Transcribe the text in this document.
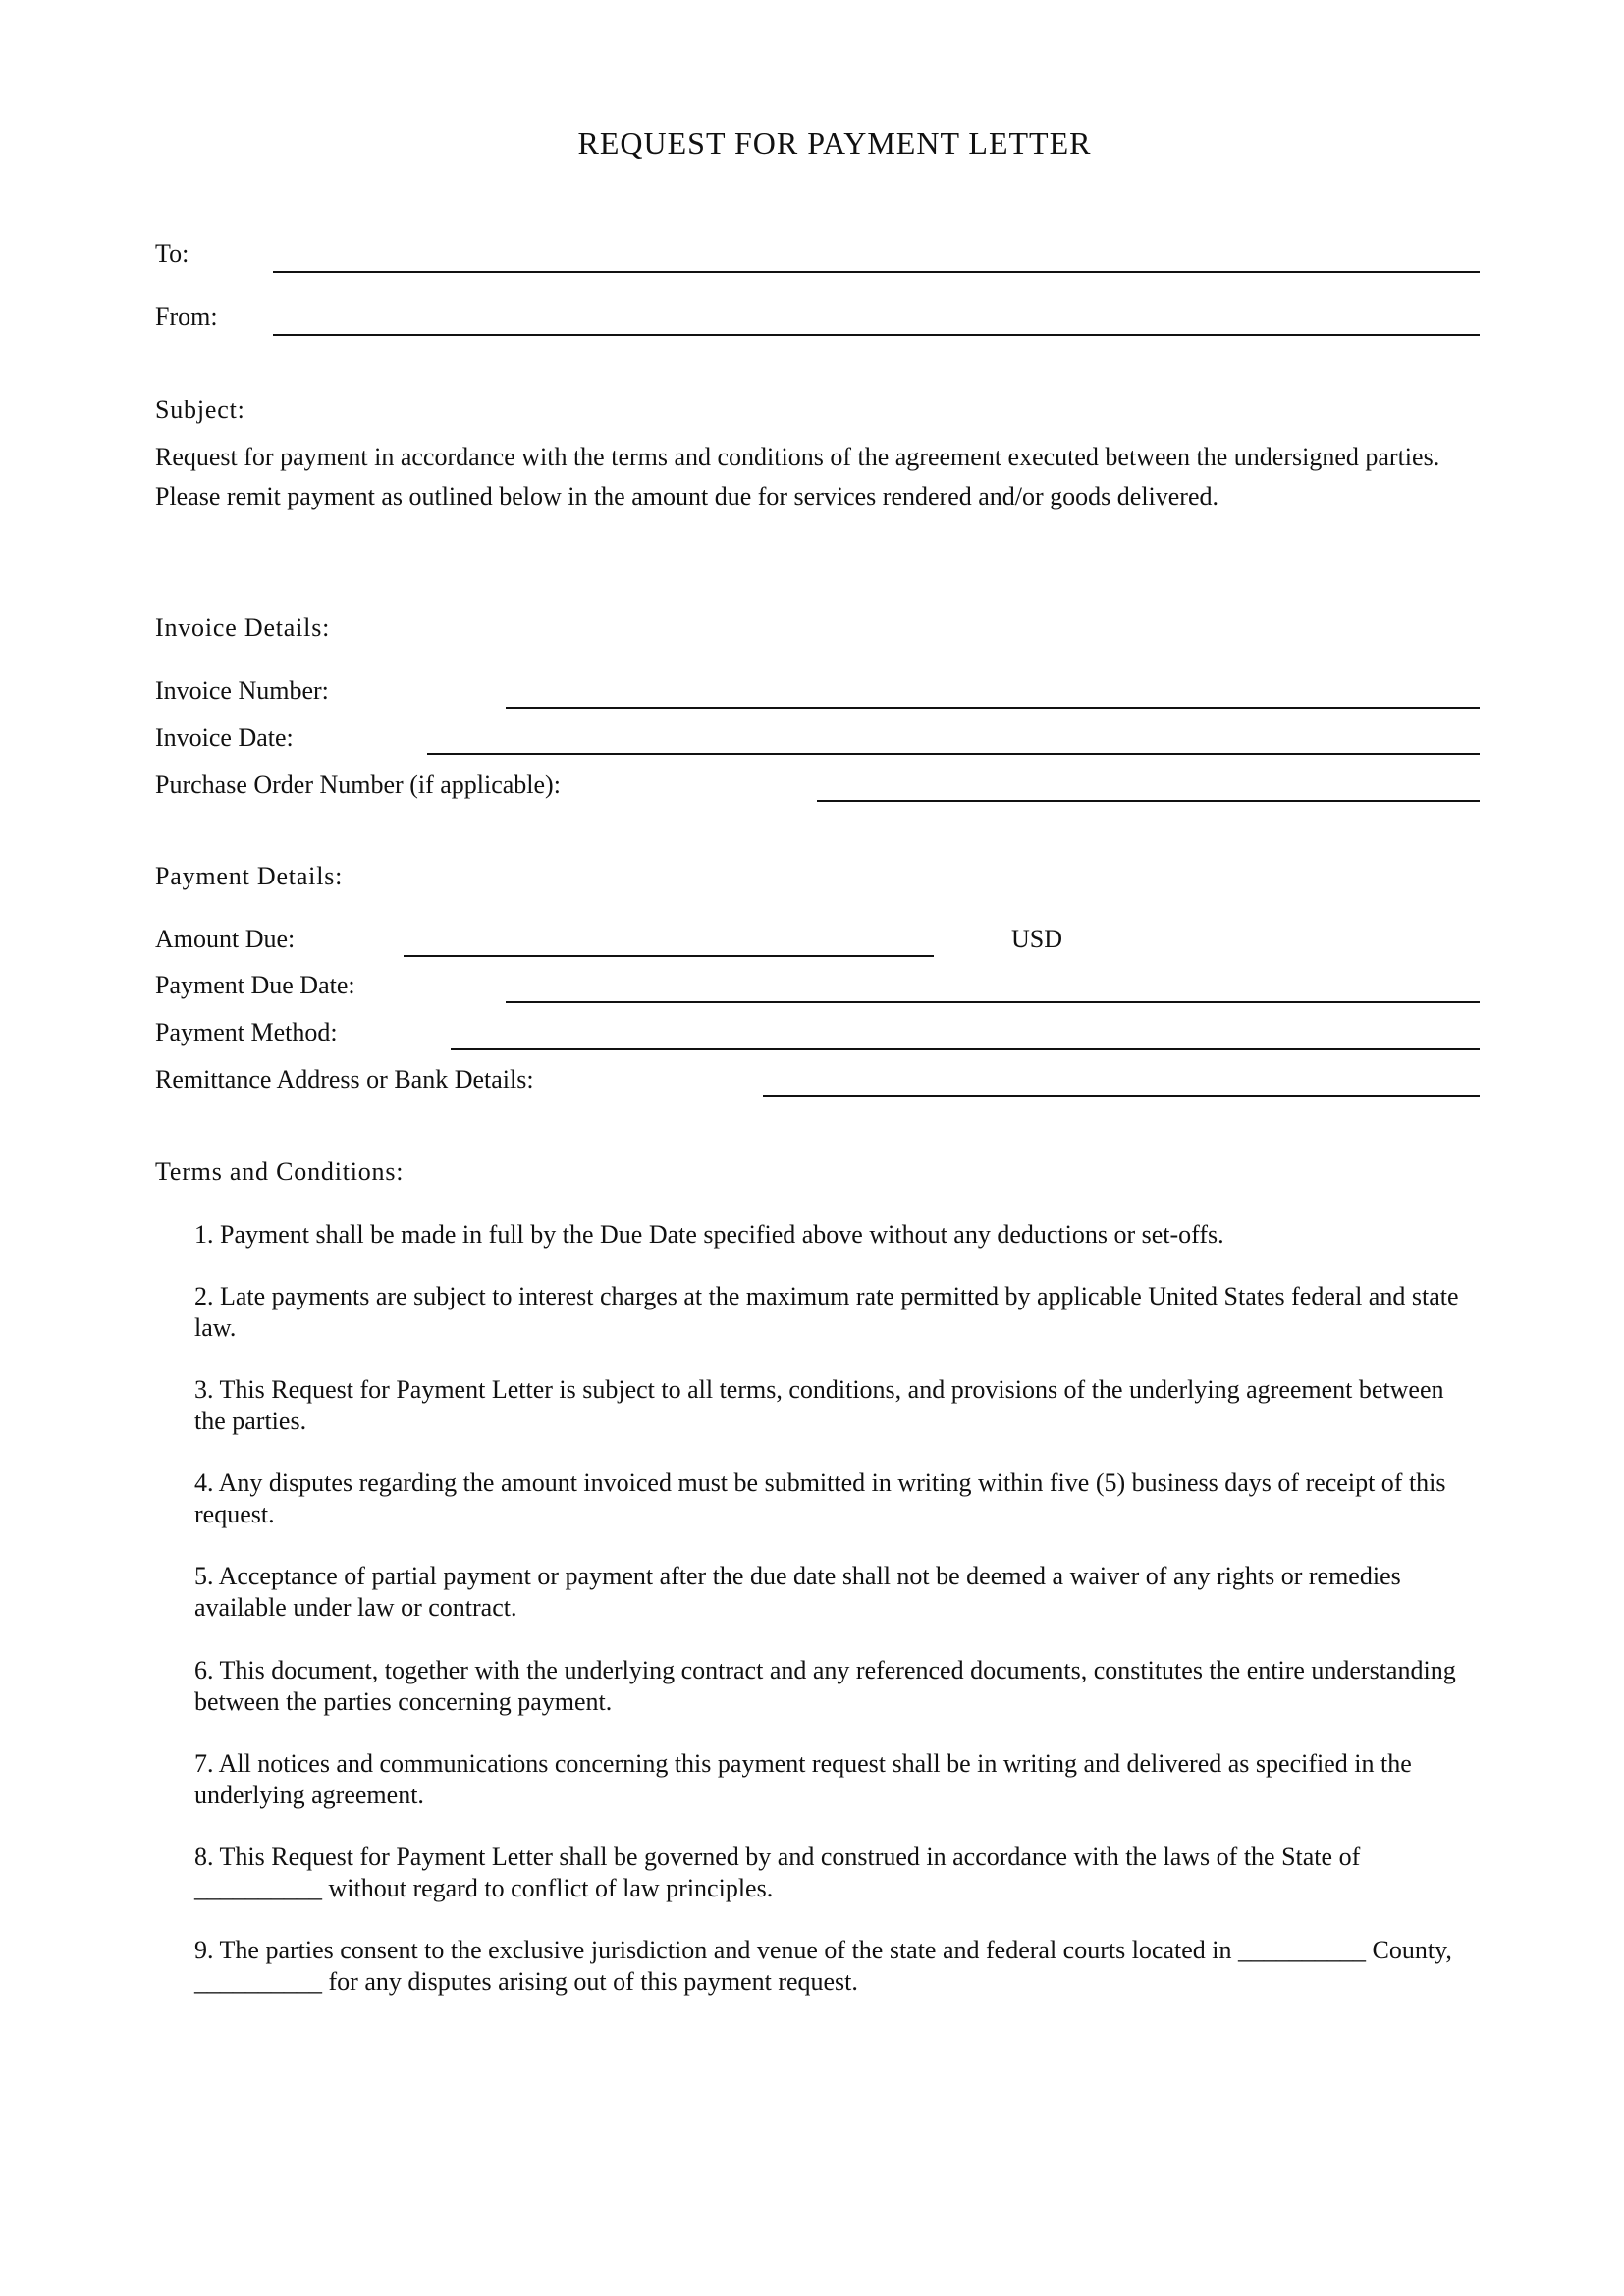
REQUEST FOR PAYMENT LETTER
To:
From:
Subject:
Request for payment in accordance with the terms and conditions of the agreement executed between the undersigned parties. Please remit payment as outlined below in the amount due for services rendered and/or goods delivered.
Invoice Details:
Invoice Number:
Invoice Date:
Purchase Order Number (if applicable):
Payment Details:
Amount Due:	USD
Payment Due Date:
Payment Method:
Remittance Address or Bank Details:
Terms and Conditions:
1. Payment shall be made in full by the Due Date specified above without any deductions or set-offs.
2. Late payments are subject to interest charges at the maximum rate permitted by applicable United States federal and state law.
3. This Request for Payment Letter is subject to all terms, conditions, and provisions of the underlying agreement between the parties.
4. Any disputes regarding the amount invoiced must be submitted in writing within five (5) business days of receipt of this request.
5. Acceptance of partial payment or payment after the due date shall not be deemed a waiver of any rights or remedies available under law or contract.
6. This document, together with the underlying contract and any referenced documents, constitutes the entire understanding between the parties concerning payment.
7. All notices and communications concerning this payment request shall be in writing and delivered as specified in the underlying agreement.
8. This Request for Payment Letter shall be governed by and construed in accordance with the laws of the State of __________ without regard to conflict of law principles.
9. The parties consent to the exclusive jurisdiction and venue of the state and federal courts located in __________ County, __________ for any disputes arising out of this payment request.
